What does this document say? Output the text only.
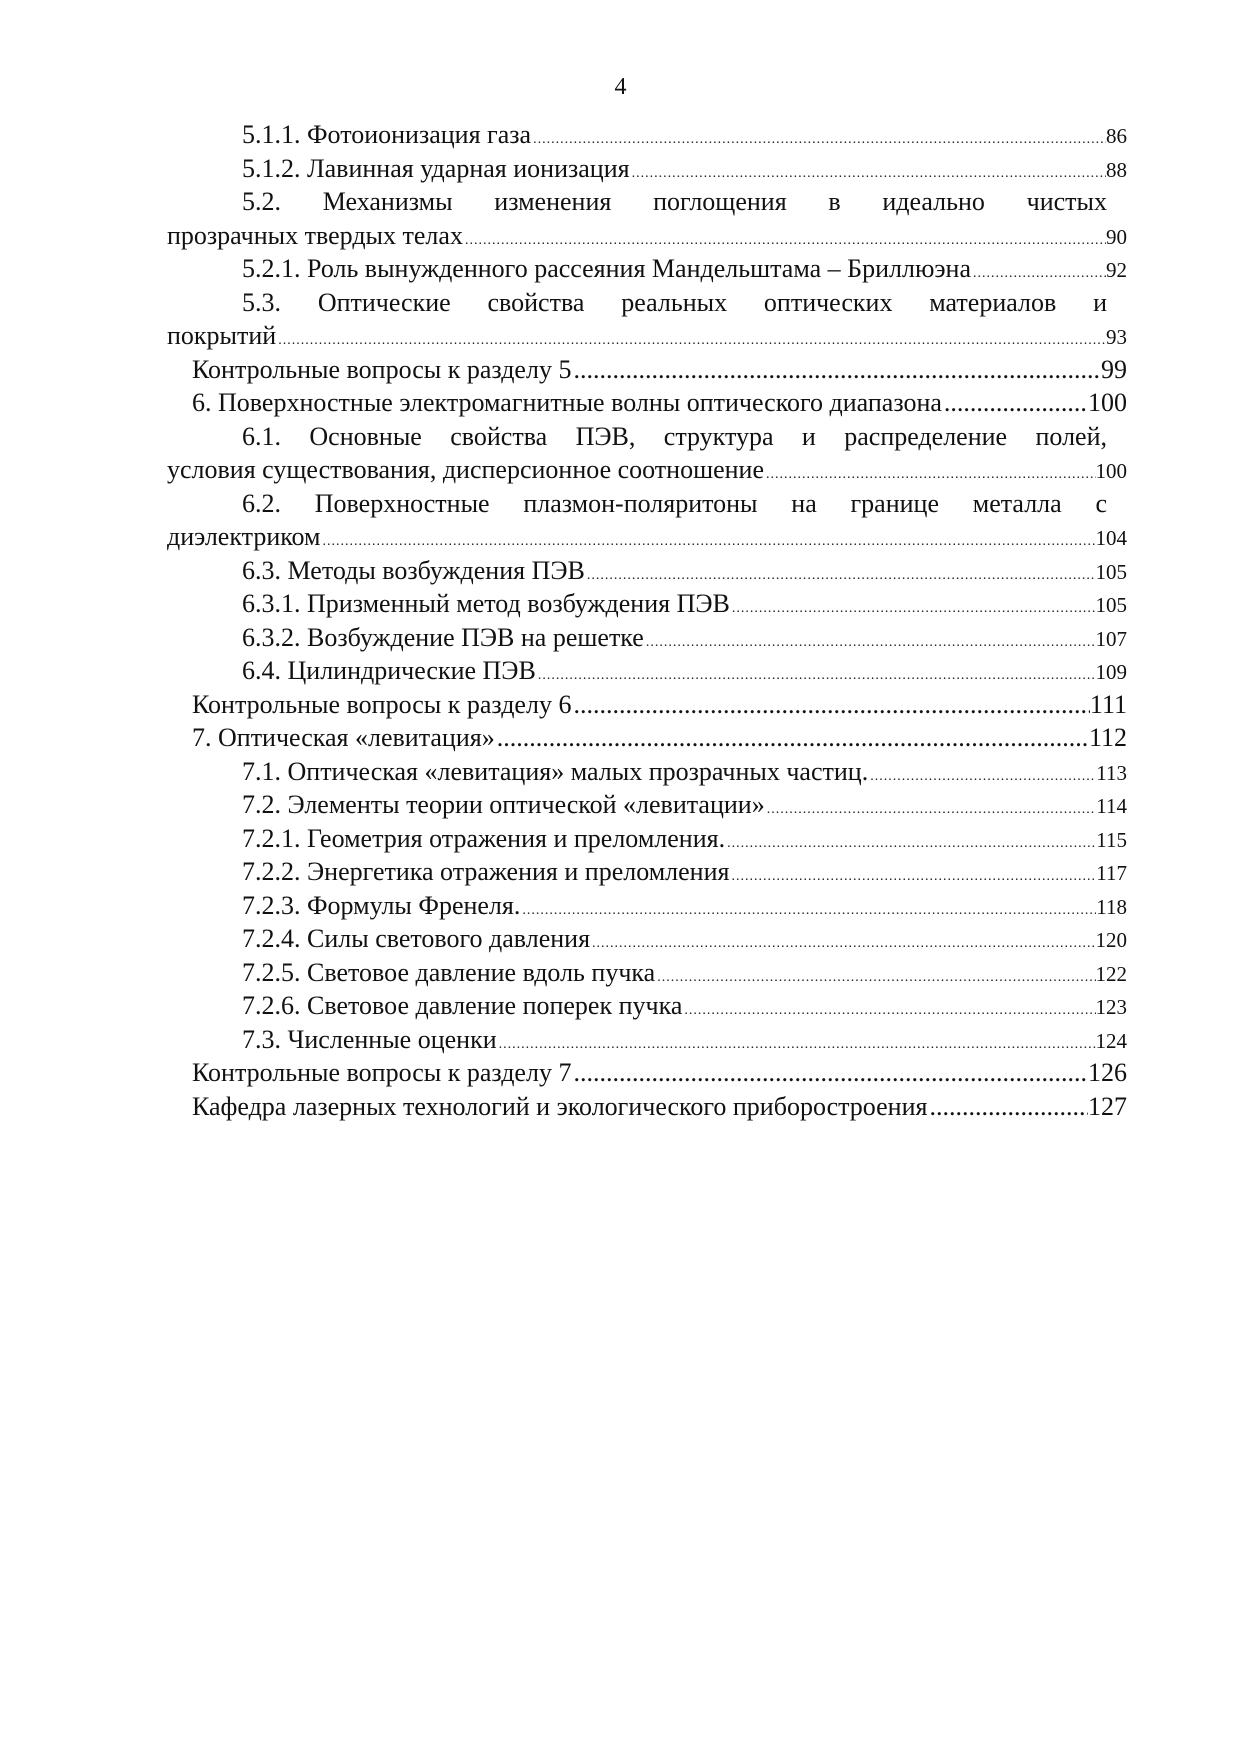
4
5.1.1. Фотоионизация газа .....	86
5.1.2. Лавинная ударная ионизация .....	88
5.2. Механизмы изменения поглощения в идеально чистых
прозрачных твердых телах .....	90
5.2.1. Роль вынужденного рассеяния Мандельштама – Бриллюэна .....	92
5.3. Оптические свойства реальных оптических материалов и
покрытий .....	93
Контрольные вопросы к разделу 5 .....	99
6. Поверхностные электромагнитные волны оптического диапазона .....	100
6.1. Основные свойства ПЭВ, структура и распределение полей,
условия существования, дисперсионное соотношение .....	100
6.2. Поверхностные плазмон-поляритоны на границе металла с
диэлектриком .....	104
6.3. Методы возбуждения ПЭВ .....	105
6.3.1. Призменный метод возбуждения ПЭВ .....	105
6.3.2. Возбуждение ПЭВ на решетке .....	107
6.4. Цилиндрические ПЭВ .....	109
Контрольные вопросы к разделу 6 .....	111
7. Оптическая «левитация» .....	112
7.1. Оптическая «левитация» малых прозрачных частиц. .....	113
7.2. Элементы теории оптической «левитации» .....	114
7.2.1. Геометрия отражения и преломления. .....	115
7.2.2. Энергетика отражения и преломления .....	117
7.2.3. Формулы Френеля. .....	118
7.2.4. Силы светового давления .....	120
7.2.5. Световое давление вдоль пучка .....	122
7.2.6. Световое давление поперек пучка .....	123
7.3. Численные оценки .....	124
Контрольные вопросы к разделу 7 .....	126
Кафедра лазерных технологий и экологического приборостроения .....	127
